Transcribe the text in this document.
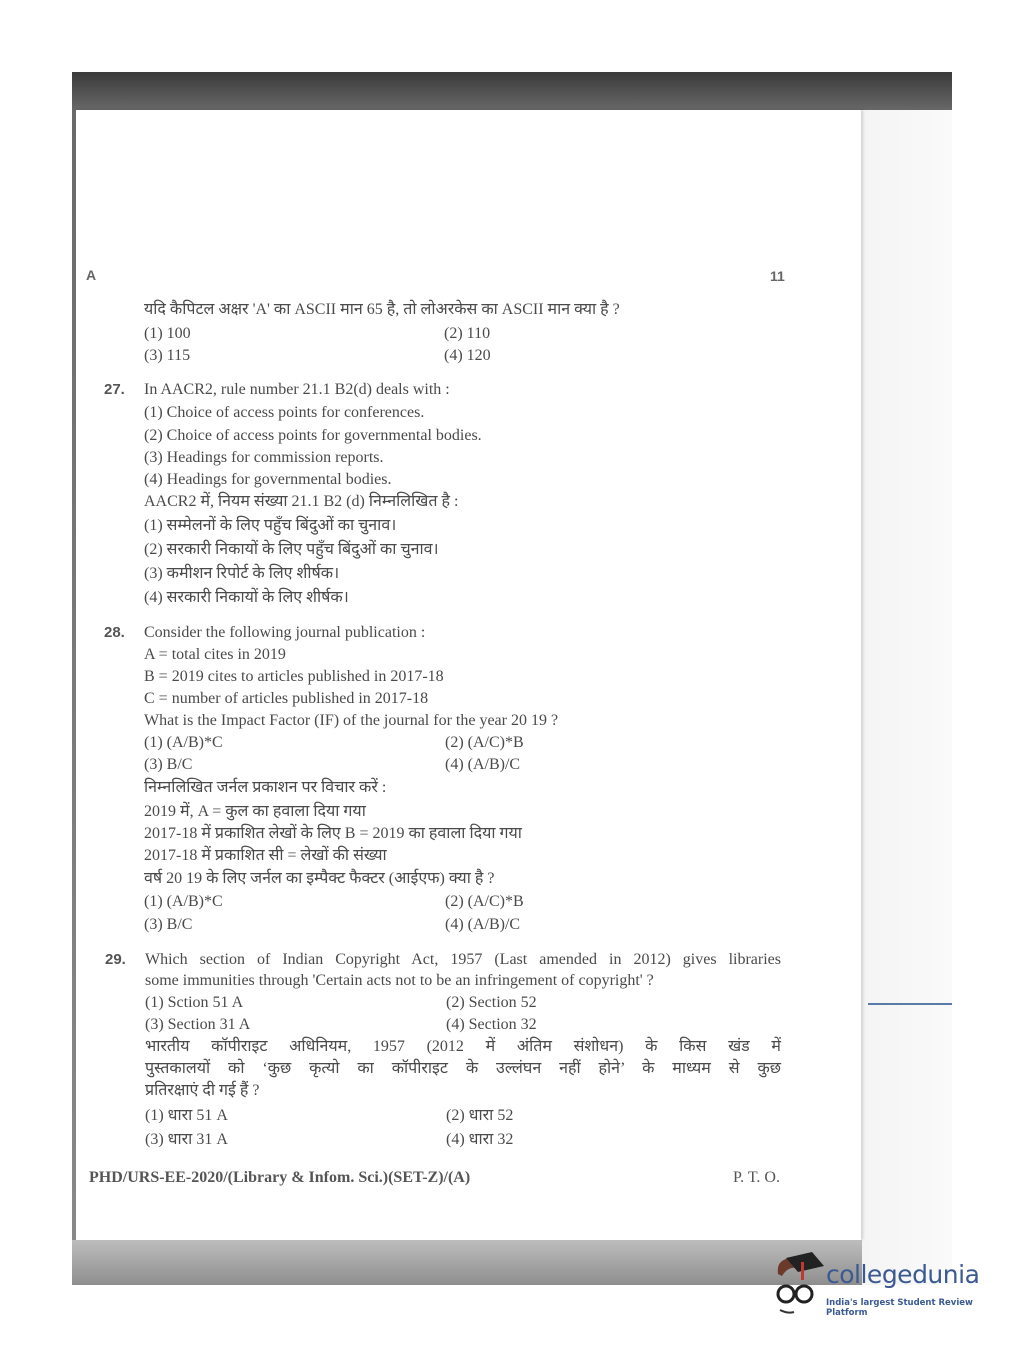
A	11
यदि कैपिटल अक्षर 'A' का ASCII मान 65 है, तो लोअरकेस का ASCII मान क्या है ?
(1) 100	(2) 110
(3) 115	(4) 120
27. In AACR2, rule number 21.1 B2(d) deals with :
(1) Choice of access points for conferences.
(2) Choice of access points for governmental bodies.
(3) Headings for commission reports.
(4) Headings for governmental bodies.
AACR2 में, नियम संख्या 21.1 B2 (d) निम्नलिखित है :
(1) सम्मेलनों के लिए पहुँच बिंदुओं का चुनाव।
(2) सरकारी निकायों के लिए पहुँच बिंदुओं का चुनाव।
(3) कमीशन रिपोर्ट के लिए शीर्षक।
(4) सरकारी निकायों के लिए शीर्षक।
28. Consider the following journal publication :
A = total cites in 2019
B = 2019 cites to articles published in 2017-18
C = number of articles published in 2017-18
What is the Impact Factor (IF) of the journal for the year 20 19 ?
(1) (A/B)*C	(2) (A/C)*B
(3) B/C	(4) (A/B)/C
निम्नलिखित जर्नल प्रकाशन पर विचार करें :
2019 में, A = कुल का हवाला दिया गया
2017-18 में प्रकाशित लेखों के लिए B = 2019 का हवाला दिया गया
2017-18 में प्रकाशित सी = लेखों की संख्या
वर्ष 20 19 के लिए जर्नल का इम्पैक्ट फैक्टर (आईएफ) क्या है ?
(1) (A/B)*C	(2) (A/C)*B
(3) B/C	(4) (A/B)/C
29. Which section of Indian Copyright Act, 1957 (Last amended in 2012) gives libraries
some immunities through 'Certain acts not to be an infringement of copyright' ?
(1) Sction 51 A	(2) Section 52
(3) Section 31 A	(4) Section 32
भारतीय कॉपीराइट अधिनियम, 1957 (2012 में अंतिम संशोधन) के किस खंड में
पुस्तकालयों को ‘कुछ कृत्यो का कॉपीराइट के उल्लंघन नहीं होने’ के माध्यम से कुछ
प्रतिरक्षाएं दी गई हैं ?
(1) धारा 51 A	(2) धारा 52
(3) धारा 31 A	(4) धारा 32
PHD/URS-EE-2020/(Library & Infom. Sci.)(SET-Z)/(A)	P. T. O.
collegedunia
India's largest Student Review Platform
